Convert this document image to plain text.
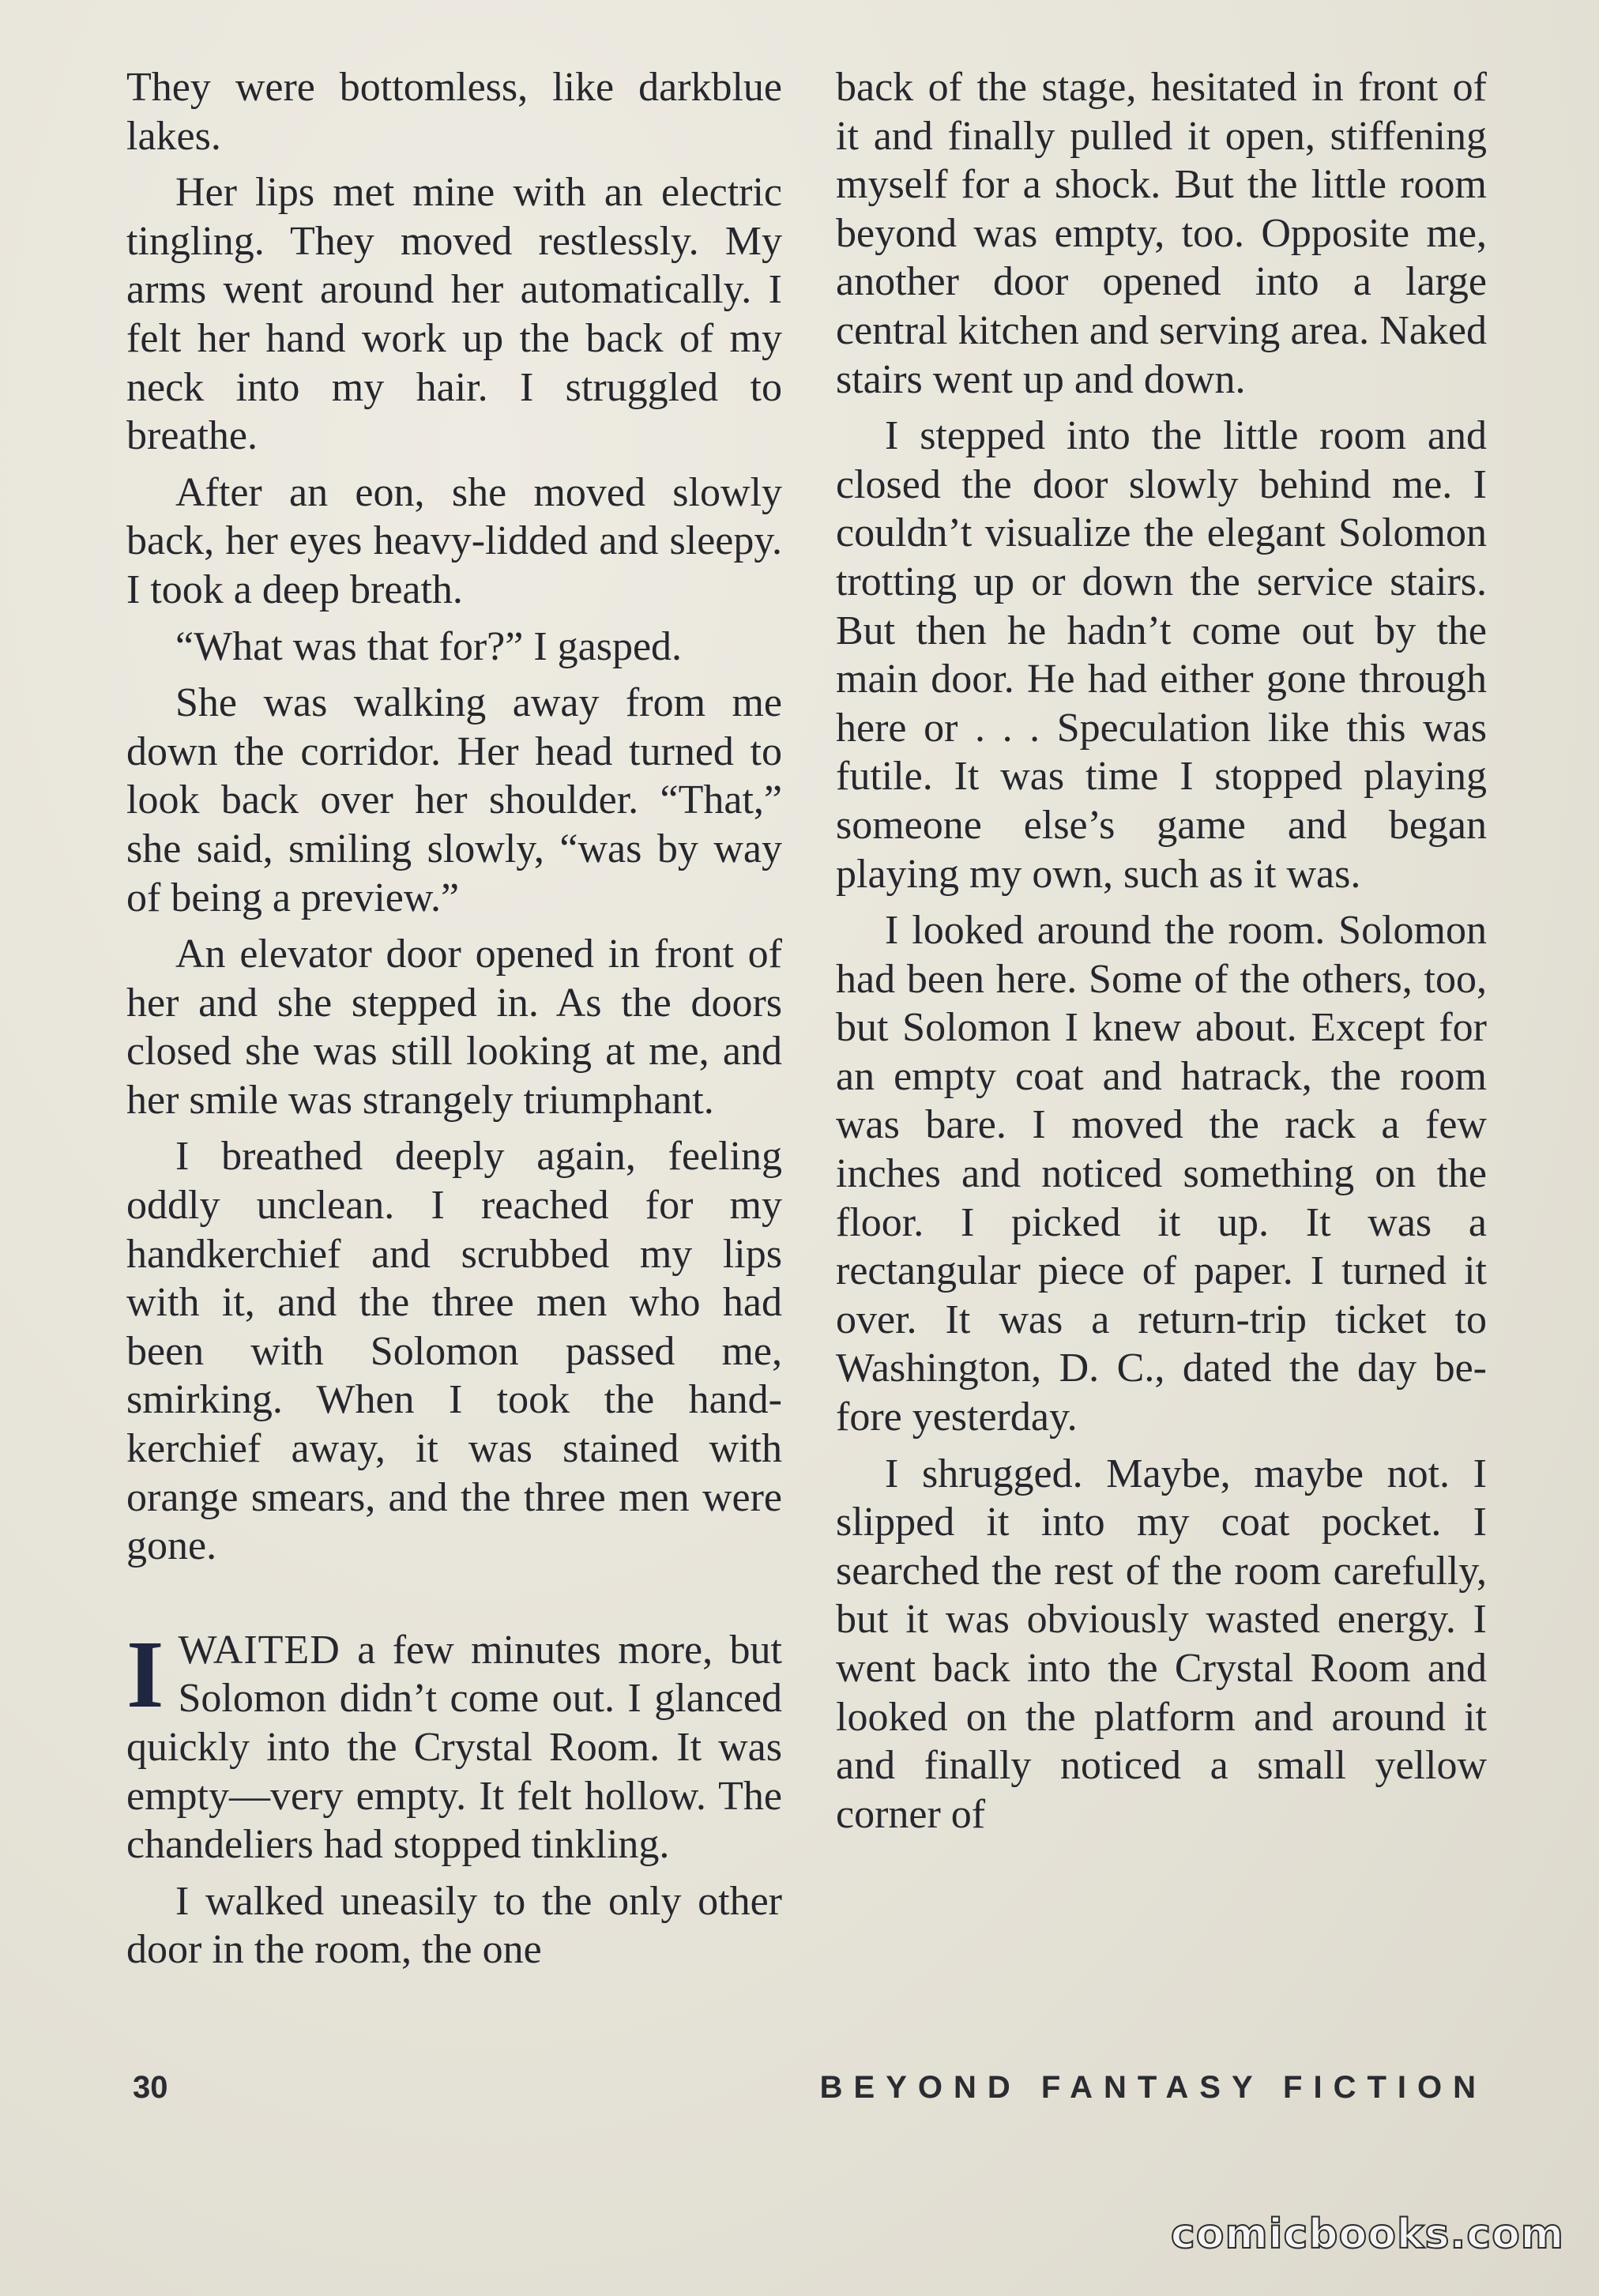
They were bottomless, like darkblue lakes.

Her lips met mine with an electric tingling. They moved restlessly. My arms went around her automatically. I felt her hand work up the back of my neck into my hair. I struggled to breathe.

After an eon, she moved slowly back, her eyes heavy-lidded and sleepy. I took a deep breath.

“What was that for?” I gasped.

She was walking away from me down the corridor. Her head turned to look back over her shoulder. “That,” she said, smiling slowly, “was by way of being a preview.”

An elevator door opened in front of her and she stepped in. As the doors closed she was still looking at me, and her smile was strangely triumphant.

I breathed deeply again, feeling oddly unclean. I reached for my handkerchief and scrubbed my lips with it, and the three men who had been with Solomon passed me, smirking. When I took the handkerchief away, it was stained with orange smears, and the three men were gone.

IWAITED a few minutes more, but Solomon didn’t come out. I glanced quickly into the Crystal Room. It was empty—very empty. It felt hollow. The chandeliers had stopped tinkling.

I walked uneasily to the only other door in the room, the one

back of the stage, hesitated in front of it and finally pulled it open, stiffening myself for a shock. But the little room beyond was empty, too. Opposite me, another door opened into a large central kitchen and serving area. Naked stairs went up and down.

I stepped into the little room and closed the door slowly behind me. I couldn’t visualize the elegant Solomon trotting up or down the service stairs. But then he hadn’t come out by the main door. He had either gone through here or . . . Speculation like this was futile. It was time I stopped playing someone else’s game and began playing my own, such as it was.

I looked around the room. Solomon had been here. Some of the others, too, but Solomon I knew about. Except for an empty coat and hatrack, the room was bare. I moved the rack a few inches and noticed something on the floor. I picked it up. It was a rectangular piece of paper. I turned it over. It was a return-trip ticket to Washington, D. C., dated the day before yesterday.

I shrugged. Maybe, maybe not. I slipped it into my coat pocket. I searched the rest of the room carefully, but it was obviously wasted energy. I went back into the Crystal Room and looked on the platform and around it and finally noticed a small yellow corner of

30	BEYOND FANTASY FICTION
comicbooks.com
